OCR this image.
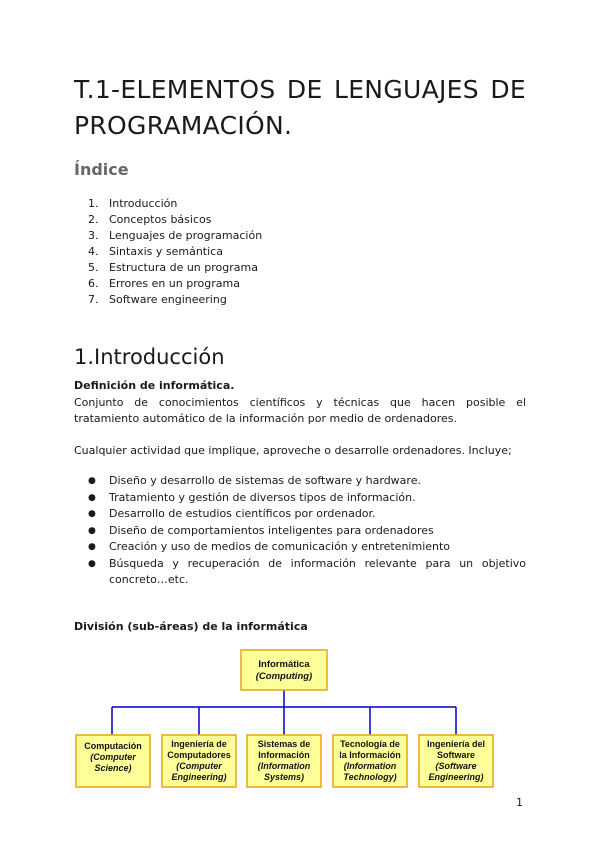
T.1-ELEMENTOS DE LENGUAJES DE PROGRAMACIÓN.
Índice
1. Introducción
2. Conceptos básicos
3. Lenguajes de programación
4. Sintaxis y semántica
5. Estructura de un programa
6. Errores en un programa
7. Software engineering
1.Introducción

Definición de informática.

Conjunto de conocimientos científicos y técnicas que hacen posible el tratamiento automático de la información por medio de ordenadores.

Cualquier actividad que implique, aproveche o desarrolle ordenadores. Incluye;

●	Diseño y desarrollo de sistemas de software y hardware.
●	Tratamiento y gestión de diversos tipos de información.
●	Desarrollo de estudios científicos por ordenador.
●	Diseño de comportamientos inteligentes para ordenadores
●	Creación y uso de medios de comunicación y entretenimiento
●	Búsqueda y recuperación de información relevante para un objetivo concreto…etc.

División (sub-áreas) de la informática

Informática
(Computing)
Computación
(Computer
Science)
Ingeniería de
Computadores
(Computer
Engineering)
Sistemas de
Información
(Information
Systems)
Tecnología de
la Información
(Information
Technology)
Ingeniería del
Software
(Software
Engineering)
1
